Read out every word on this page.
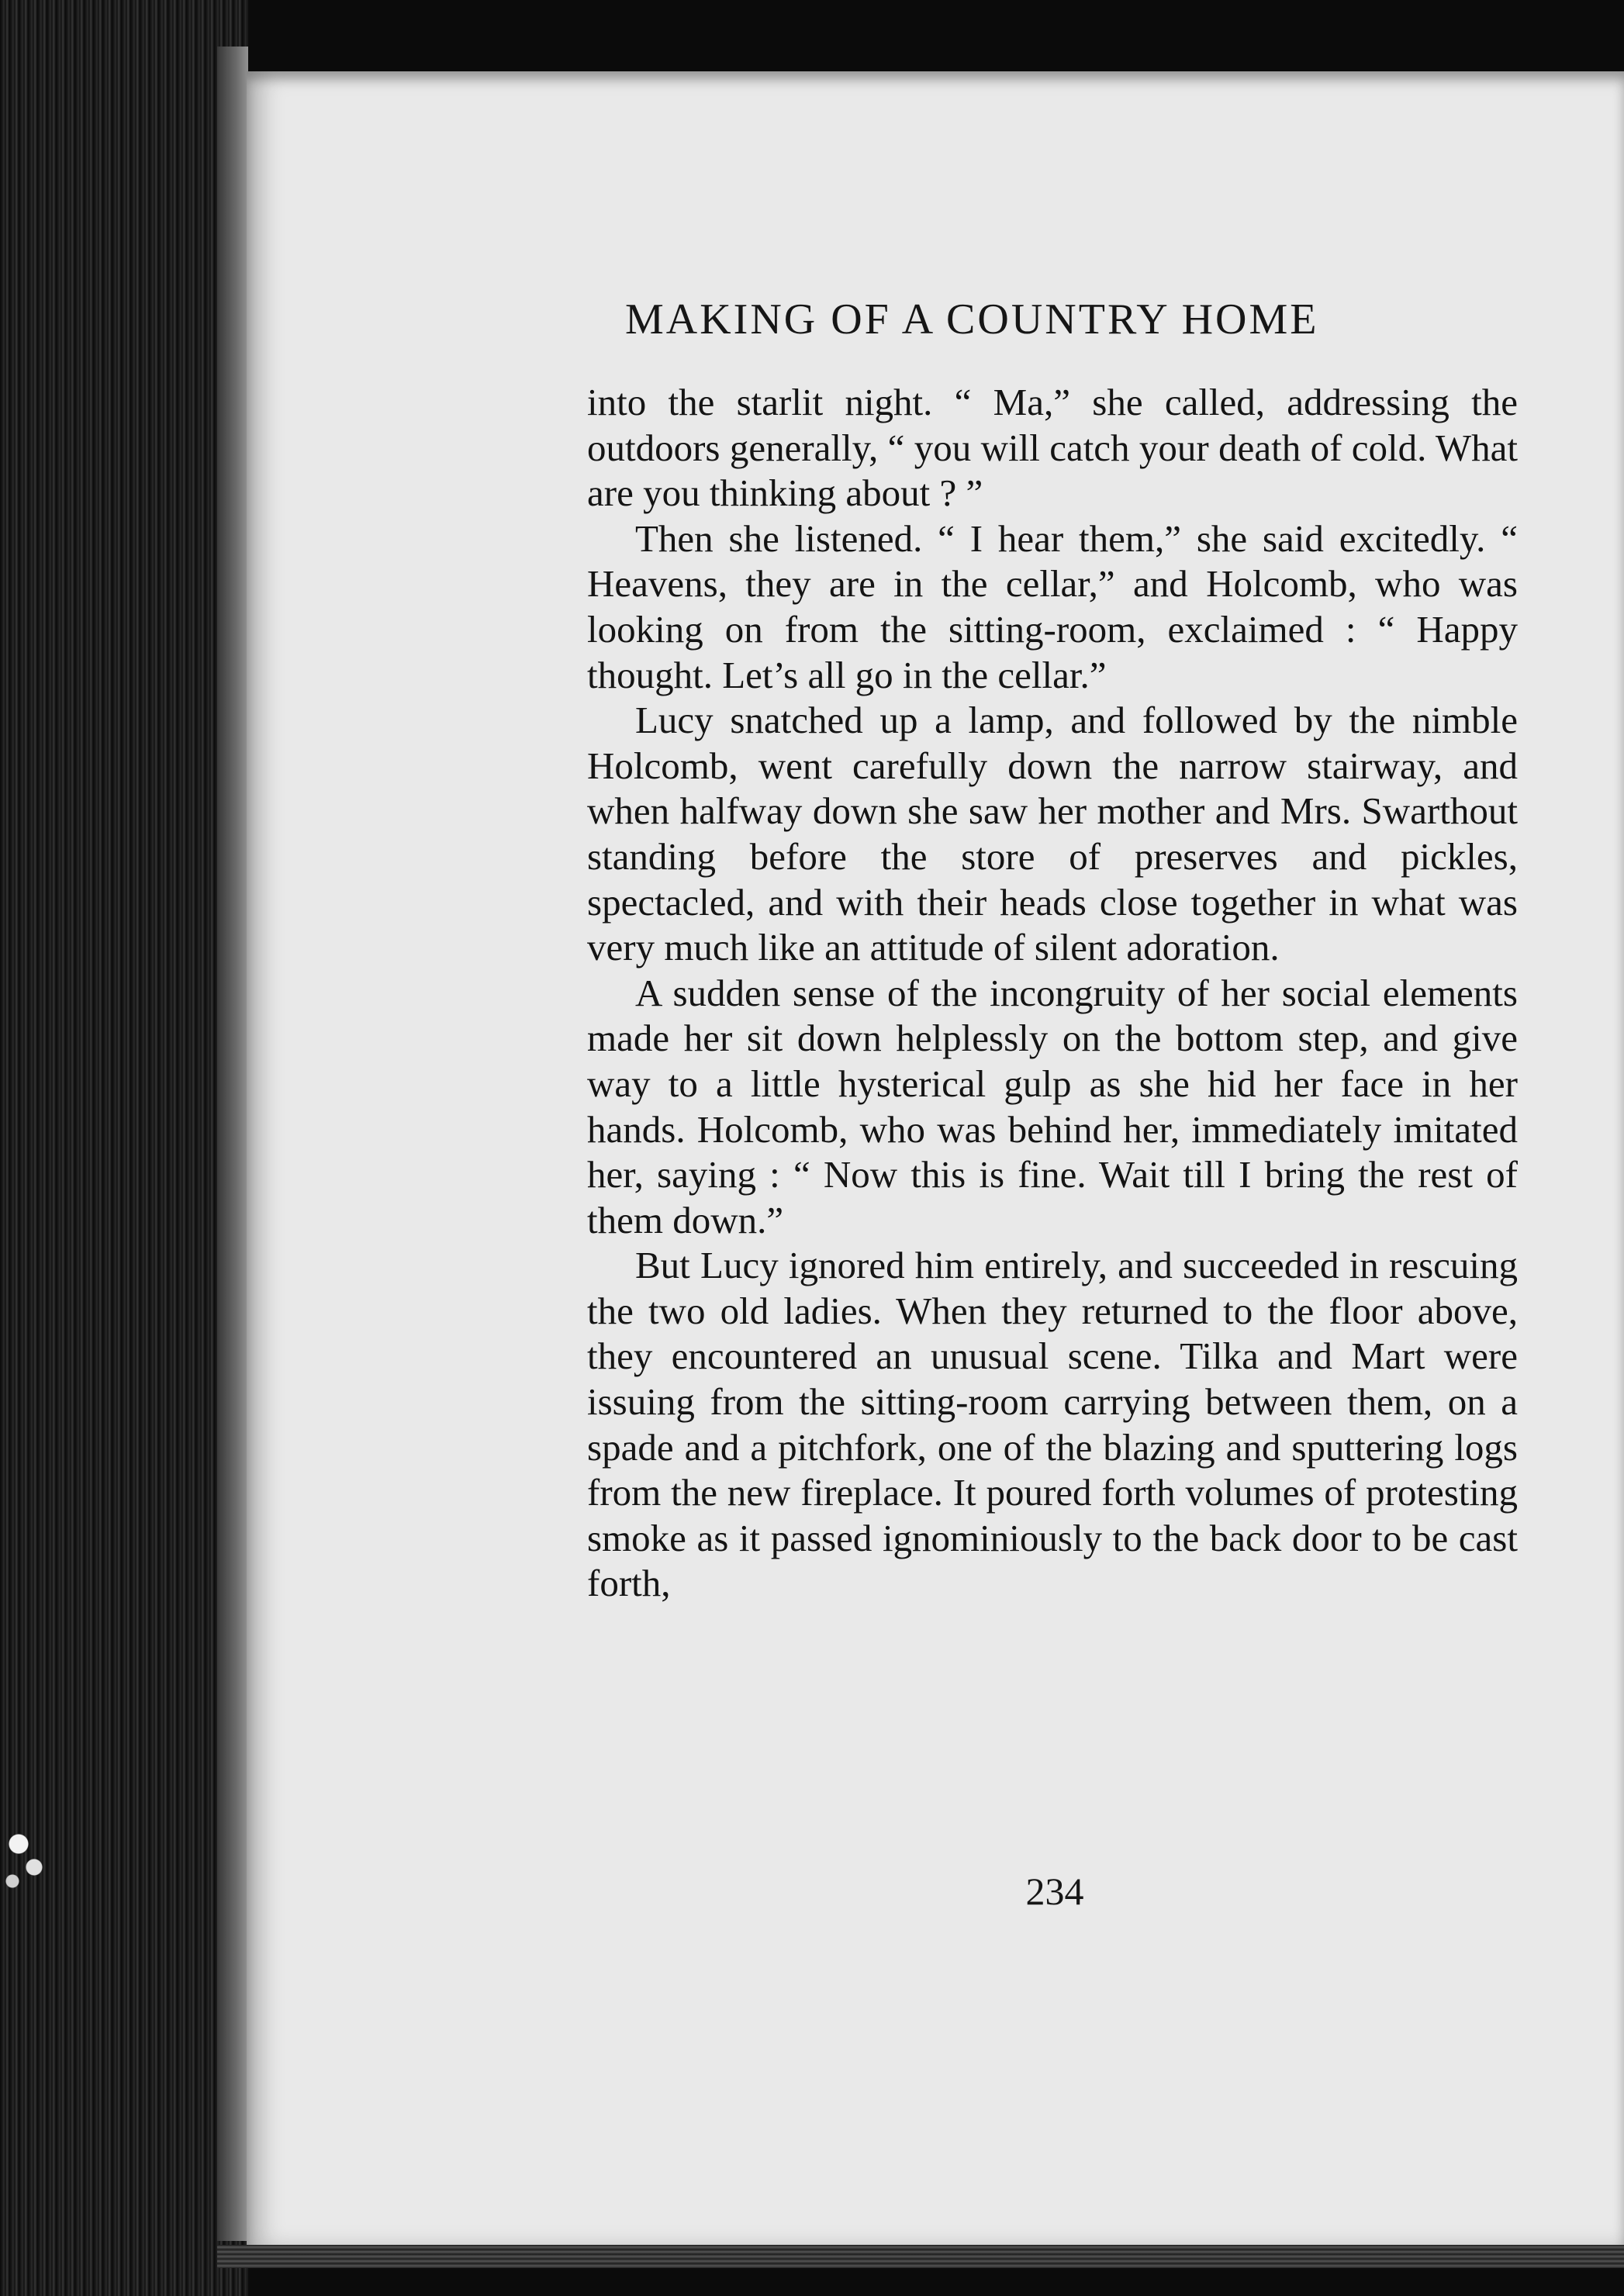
MAKING OF A COUNTRY HOME

into the starlit night. “ Ma,” she called, addressing the outdoors generally, “ you will catch your death of cold. What are you thinking about ? ”

Then she listened. “ I hear them,” she said excitedly. “ Heavens, they are in the cellar,” and Holcomb, who was looking on from the sitting-room, exclaimed : “ Happy thought. Let’s all go in the cellar.”

Lucy snatched up a lamp, and followed by the nimble Holcomb, went carefully down the narrow stairway, and when halfway down she saw her mother and Mrs. Swarthout standing before the store of preserves and pickles, spectacled, and with their heads close together in what was very much like an attitude of silent adoration.

A sudden sense of the incongruity of her social elements made her sit down helplessly on the bottom step, and give way to a little hysterical gulp as she hid her face in her hands. Holcomb, who was behind her, immediately imitated her, saying : “ Now this is fine. Wait till I bring the rest of them down.”

But Lucy ignored him entirely, and succeeded in rescuing the two old ladies. When they returned to the floor above, they encountered an unusual scene. Tilka and Mart were issuing from the sitting-room carrying between them, on a spade and a pitchfork, one of the blazing and sputtering logs from the new fireplace. It poured forth volumes of protesting smoke as it passed ignominiously to the back door to be cast forth,

234
